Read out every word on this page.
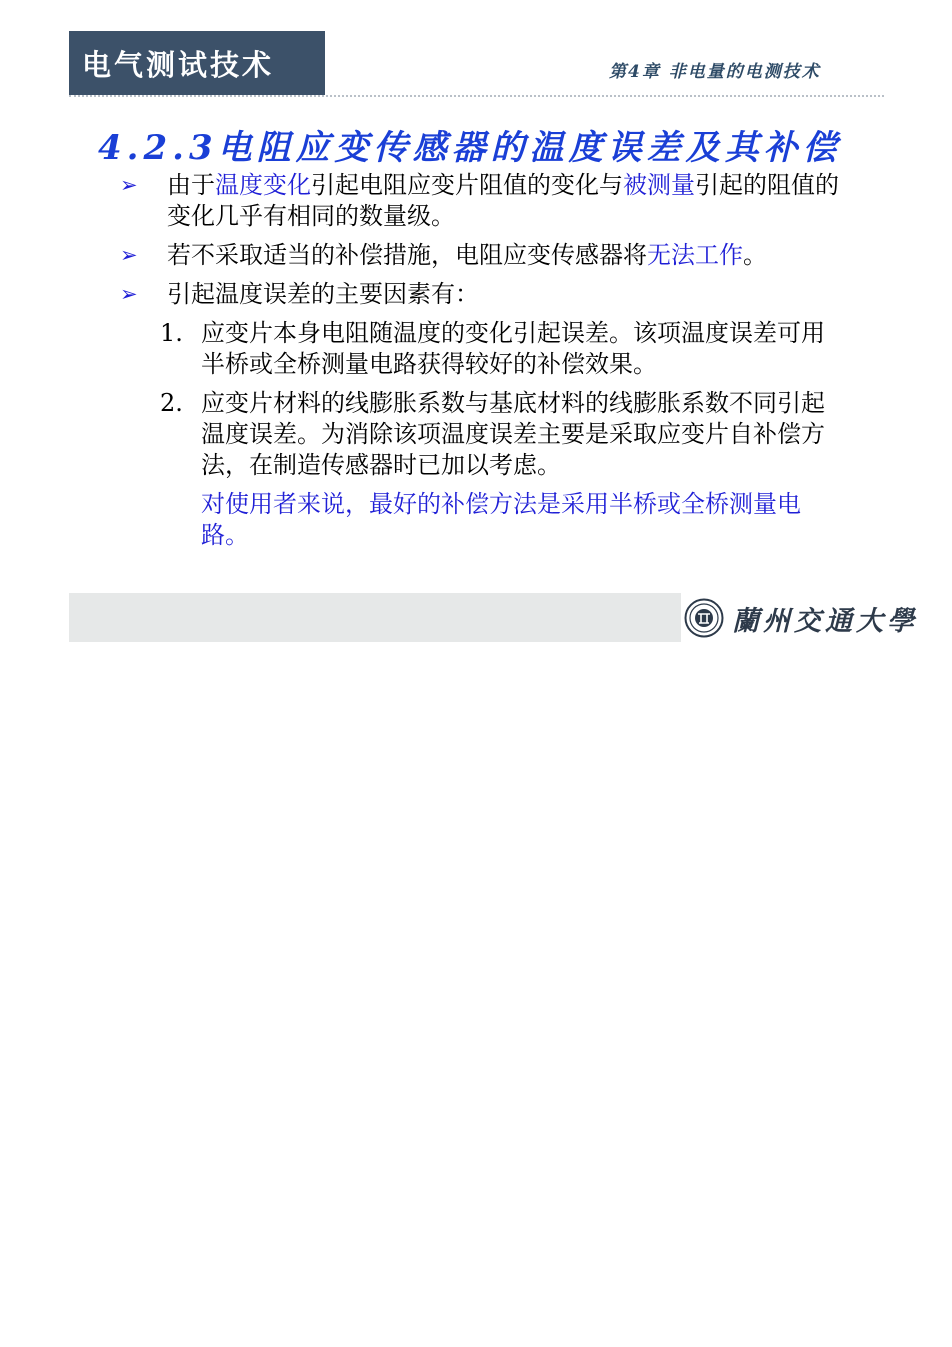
电气测试技术	第4章 非电量的电测技术
4.2.3电阻应变传感器的温度误差及其补偿
➢ 由于温度变化引起电阻应变片阻值的变化与被测量引起的阻值的变化几乎有相同的数量级。
➢ 若不采取适当的补偿措施，电阻应变传感器将无法工作。
➢ 引起温度误差的主要因素有：
1. 应变片本身电阻随温度的变化引起误差。该项温度误差可用半桥或全桥测量电路获得较好的补偿效果。
2. 应变片材料的线膨胀系数与基底材料的线膨胀系数不同引起温度误差。为消除该项温度误差主要是采取应变片自补偿方法，在制造传感器时已加以考虑。
对使用者来说，最好的补偿方法是采用半桥或全桥测量电路。
蘭州交通大學
